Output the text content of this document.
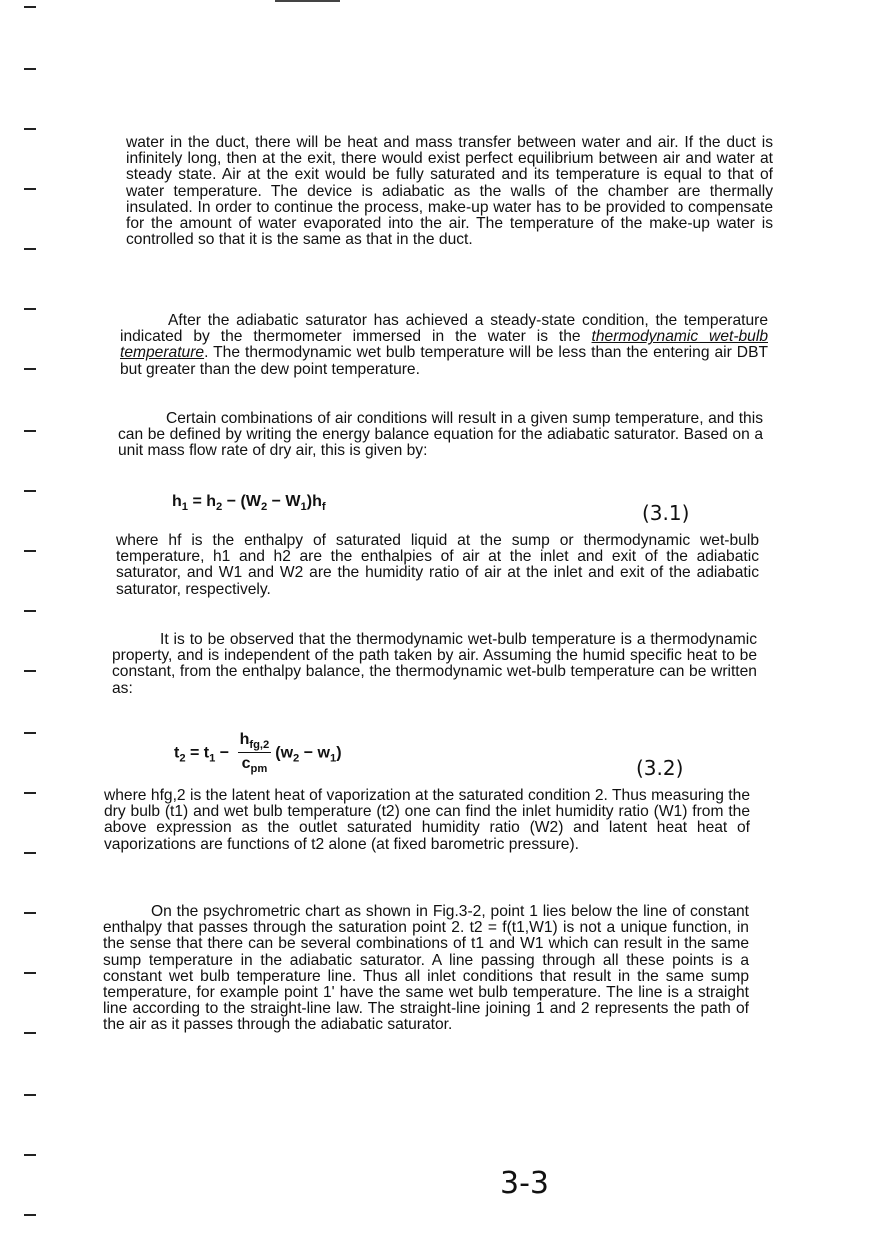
water in the duct, there will be heat and mass transfer between water and air. If the duct is infinitely long, then at the exit, there would exist perfect equilibrium between air and water at steady state. Air at the exit would be fully saturated and its temperature is equal to that of water temperature. The device is adiabatic as the walls of the chamber are thermally insulated. In order to continue the process, make-up water has to be provided to compensate for the amount of water evaporated into the air. The temperature of the make-up water is controlled so that it is the same as that in the duct.

After the adiabatic saturator has achieved a steady-state condition, the temperature indicated by the thermometer immersed in the water is the thermodynamic wet-bulb temperature. The thermodynamic wet bulb temperature will be less than the entering air DBT but greater than the dew point temperature.

Certain combinations of air conditions will result in a given sump temperature, and this can be defined by writing the energy balance equation for the adiabatic saturator. Based on a unit mass flow rate of dry air, this is given by:

$h_1 = h_2 - (W_2 - W_1)h_f$	(3.1)

where hf is the enthalpy of saturated liquid at the sump or thermodynamic wet-bulb temperature, h1 and h2 are the enthalpies of air at the inlet and exit of the adiabatic saturator, and W1 and W2 are the humidity ratio of air at the inlet and exit of the adiabatic saturator, respectively.

It is to be observed that the thermodynamic wet-bulb temperature is a thermodynamic property, and is independent of the path taken by air. Assuming the humid specific heat to be constant, from the enthalpy balance, the thermodynamic wet-bulb temperature can be written as:

$t_2 = t_1 - \frac{h_{fg,2}}{c_{pm}} (w_2 - w_1)$
(3.2)

where hfg,2 is the latent heat of vaporization at the saturated condition 2. Thus measuring the dry bulb (t1) and wet bulb temperature (t2) one can find the inlet humidity ratio (W1) from the above expression as the outlet saturated humidity ratio (W2) and latent heat heat of vaporizations are functions of t2 alone (at fixed barometric pressure).

On the psychrometric chart as shown in Fig.3-2, point 1 lies below the line of constant enthalpy that passes through the saturation point 2. t2 = f(t1,W1) is not a unique function, in the sense that there can be several combinations of t1 and W1 which can result in the same sump temperature in the adiabatic saturator. A line passing through all these points is a constant wet bulb temperature line. Thus all inlet conditions that result in the same sump temperature, for example point 1' have the same wet bulb temperature. The line is a straight line according to the straight-line law. The straight-line joining 1 and 2 represents the path of the air as it passes through the adiabatic saturator.

3-3
